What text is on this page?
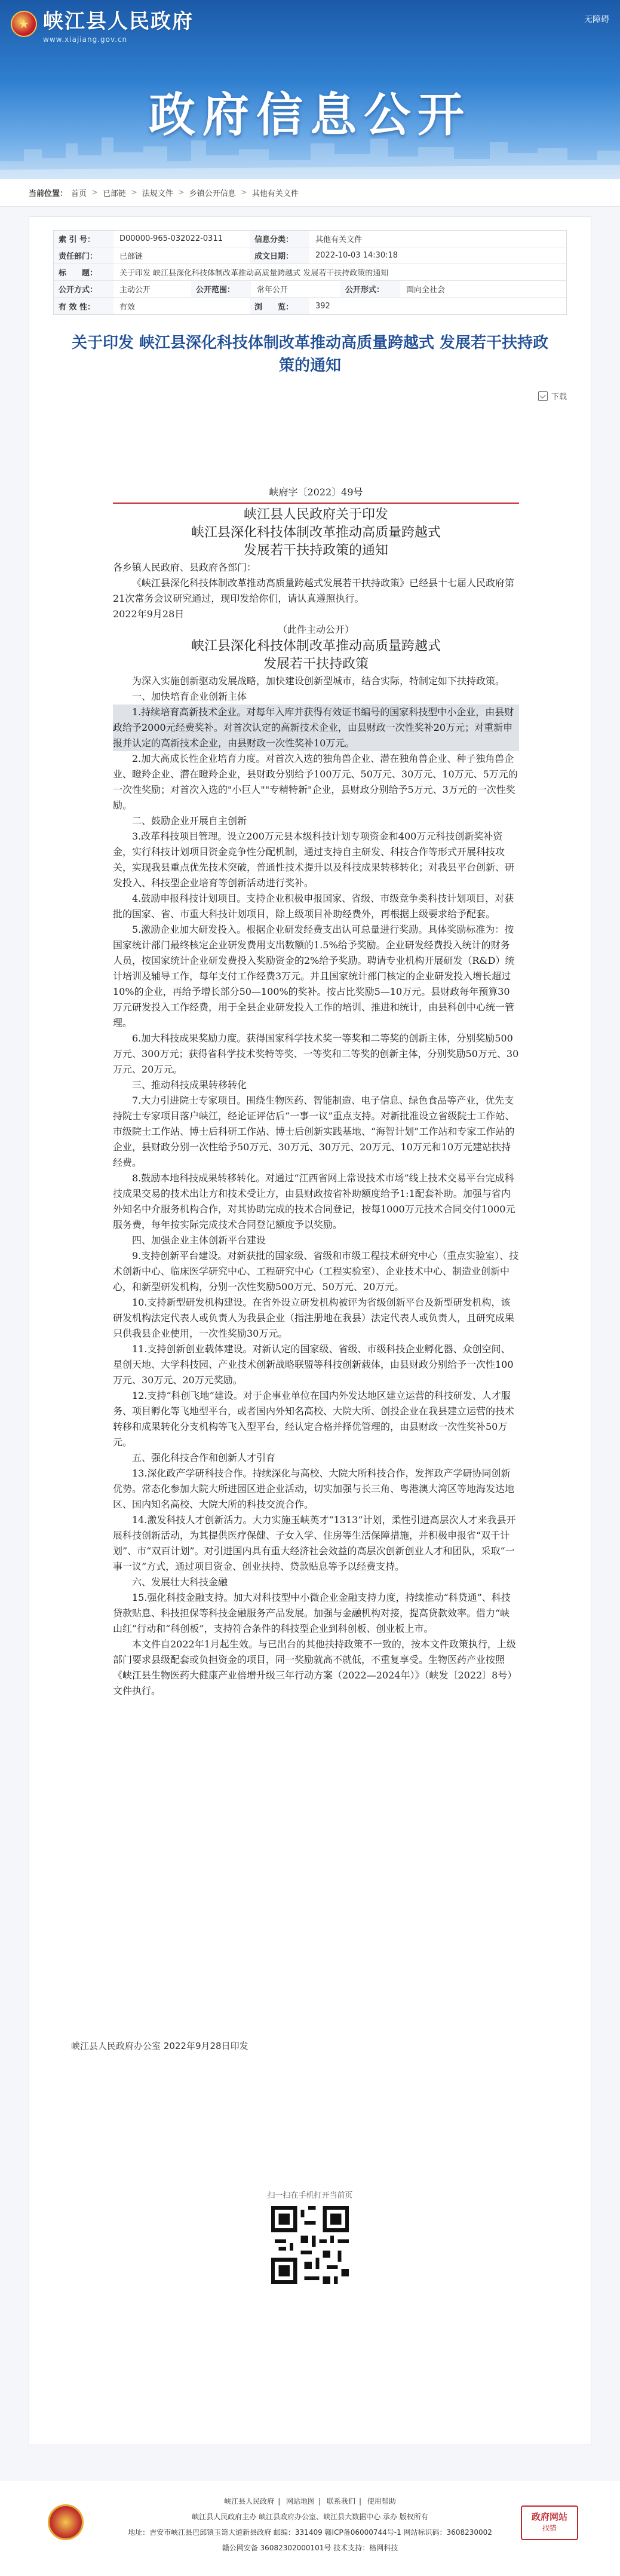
★ 峡江县人民政府
www.xiajiang.gov.cn
无障碍
政府信息公开
当前位置： 首页 > 已部链 > 法规文件 > 乡镇公开信息 > 其他有关文件
索 引 号：	D00000-965-032022-0311	信息分类：	其他有关文件
责任部门：	已部链	成文日期：	2022-10-03 14:30:18
标　　题：	关于印发 峡江县深化科技体制改革推动高质量跨越式 发展若干扶持政策的通知
公开方式：	主动公开	公开范围：	常年公开	公开形式：	面向全社会
有 效 性：	有效	浏　　览：	392
关于印发 峡江县深化科技体制改革推动高质量跨越式 发展若干扶持政策的通知
下载
峡府字〔2022〕49号
峡江县人民政府关于印发
峡江县深化科技体制改革推动高质量跨越式
发展若干扶持政策的通知

各乡镇人民政府、县政府各部门：

《峡江县深化科技体制改革推动高质量跨越式发展若干扶持政策》已经县十七届人民政府第21次常务会议研究通过，现印发给你们，请认真遵照执行。

2022年9月28日

（此件主动公开）
峡江县深化科技体制改革推动高质量跨越式
发展若干扶持政策

为深入实施创新驱动发展战略，加快建设创新型城市，结合实际，特制定如下扶持政策。

一、加快培育企业创新主体

1.持续培育高新技术企业。对每年入库并获得有效证书编号的国家科技型中小企业，由县财政给予2000元经费奖补。对首次认定的高新技术企业，由县财政一次性奖补20万元；对重新申报并认定的高新技术企业，由县财政一次性奖补10万元。

2.加大高成长性企业培育力度。对首次入选的独角兽企业、潜在独角兽企业、种子独角兽企业、瞪羚企业、潜在瞪羚企业，县财政分别给予100万元、50万元、30万元、10万元、5万元的一次性奖励；对首次入选的"小巨人""专精特新"企业，县财政分别给予5万元、3万元的一次性奖励。

二、鼓励企业开展自主创新

3.改革科技项目管理。设立200万元县本级科技计划专项资金和400万元科技创新奖补资金，实行科技计划项目资金竞争性分配机制，通过支持自主研发、科技合作等形式开展科技攻关，实现我县重点优先技术突破，普通性技术提升以及科技成果转移转化；对我县平台创新、研发投入、科技型企业培育等创新活动进行奖补。

4.鼓励申报科技计划项目。支持企业积极申报国家、省级、市级竞争类科技计划项目，对获批的国家、省、市重大科技计划项目，除上级项目补助经费外，再根据上级要求给予配套。

5.激励企业加大研发投入。根据企业研发经费支出认可总量进行奖励。具体奖励标准为：按国家统计部门最终核定企业研发费用支出数额的1.5%给予奖励。企业研发经费投入统计的财务人员，按国家统计企业研发费投入奖励资金的2%给予奖励。聘请专业机构开展研发（R&D）统计培训及辅导工作，每年支付工作经费3万元。并且国家统计部门核定的企业研发投入增长超过10%的企业，再给予增长部分50—100%的奖补。按占比奖励5—10万元。县财政每年预算30万元研发投入工作经费，用于全县企业研发投入工作的培训、推进和统计，由县科创中心统一管理。

6.加大科技成果奖励力度。获得国家科学技术奖一等奖和二等奖的创新主体，分别奖励500万元、300万元；获得省科学技术奖特等奖、一等奖和二等奖的创新主体，分别奖励50万元、30万元、20万元。

三、推动科技成果转移转化

7.大力引进院士专家项目。围绕生物医药、智能制造、电子信息、绿色食品等产业，优先支持院士专家项目落户峡江，经论证评估后“一事一议”重点支持。对新批准设立省级院士工作站、市级院士工作站、博士后科研工作站、博士后创新实践基地、“海智计划”工作站和专家工作站的企业，县财政分别一次性给予50万元、30万元、30万元、20万元、10万元和10万元建站扶持经费。

8.鼓励本地科技成果转移转化。对通过“江西省网上常设技术市场”线上技术交易平台完成科技成果交易的技术出让方和技术受让方，由县财政按省补助额度给予1:1配套补助。加强与省内外知名中介服务机构合作，对其协助完成的技术合同登记，按每1000万元技术合同交付1000元服务费，每年按实际完成技术合同登记额度予以奖励。

四、加强企业主体创新平台建设

9.支持创新平台建设。对新获批的国家级、省级和市级工程技术研究中心（重点实验室）、技术创新中心、临床医学研究中心、工程研究中心（工程实验室）、企业技术中心、制造业创新中心，和新型研发机构，分别一次性奖励500万元、50万元、20万元。

10.支持新型研发机构建设。在省外设立研发机构被评为省级创新平台及新型研发机构，该研发机构法定代表人或负责人为我县企业（指注册地在我县）法定代表人或负责人，且研究成果只供我县企业使用，一次性奖励30万元。

11.支持创新创业载体建设。对新认定的国家级、省级、市级科技企业孵化器、众创空间、星创天地、大学科技园、产业技术创新战略联盟等科技创新载体，由县财政分别给予一次性100万元、30万元、20万元奖励。

12.支持“科创飞地”建设。对于企事业单位在国内外发达地区建立运营的科技研发、人才服务、项目孵化等飞地型平台，或者国内外知名高校、大院大所、创投企业在我县建立运营的技术转移和成果转化分支机构等飞入型平台，经认定合格并择优管理的，由县财政一次性奖补50万元。

五、强化科技合作和创新人才引育

13.深化政产学研科技合作。持续深化与高校、大院大所科技合作，发挥政产学研协同创新优势。常态化参加大院大所进园区进企业活动，切实加强与长三角、粤港澳大湾区等地海发达地区、国内知名高校、大院大所的科技交流合作。

14.激发科技人才创新活力。大力实施玉峡英才“1313”计划，柔性引进高层次人才来我县开展科技创新活动，为其提供医疗保健、子女入学、住房等生活保障措施，并积极申报省“双千计划”、市“双百计划”。对引进国内具有重大经济社会效益的高层次创新创业人才和团队，采取“一事一议”方式，通过项目资金、创业扶持、贷款贴息等予以经费支持。

六、发展壮大科技金融

15.强化科技金融支持。加大对科技型中小微企业金融支持力度，持续推动“科贷通”、科技贷款贴息、科技担保等科技金融服务产品发展。加强与金融机构对接，提高贷款效率。借力“峡山红”行动和“科创板”，支持符合条件的科技型企业到科创板、创业板上市。

本文件自2022年1月起生效。与已出台的其他扶持政策不一致的，按本文件政策执行，上级部门要求县级配套或负担资金的项目，同一奖励就高不就低，不重复享受。生物医药产业按照《峡江县生物医药大健康产业倍增升级三年行动方案（2022—2024年）》（峡发〔2022〕8号）文件执行。

峡江县人民政府办公室 2022年9月28日印发
扫一扫在手机打开当前页
峡江县人民政府 | 网站地图 | 联系我们 | 使用帮助
峡江县人民政府主办 峡江县政府办公室、峡江县大数据中心 承办 版权所有
地址：吉安市峡江县巴邱镇玉笥大道新县政府 邮编：331409 赣ICP备06000744号-1 网站标识码：3608230002
赣公网安备 36082302000101号 技术支持：格网科技
政府网站
找错
